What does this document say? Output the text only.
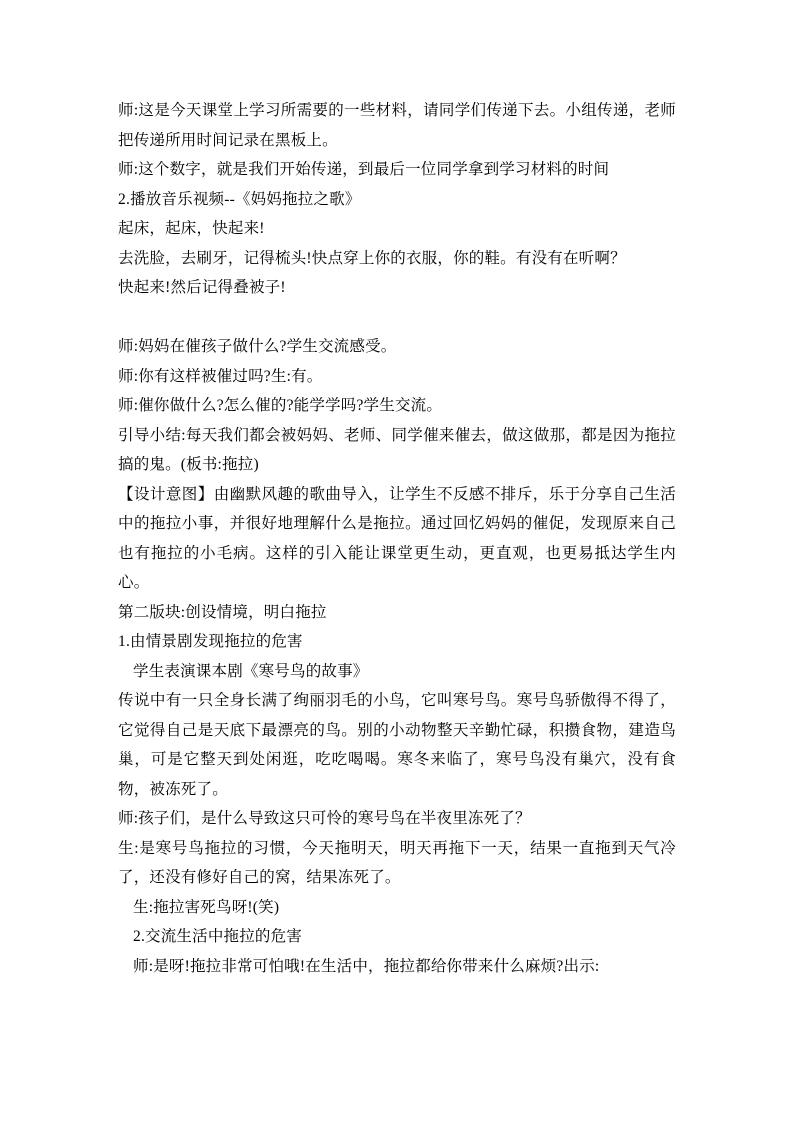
师:这是今天课堂上学习所需要的一些材料，请同学们传递下去。小组传递，老师把传递所用时间记录在黑板上。

师:这个数字，就是我们开始传递，到最后一位同学拿到学习材料的时间

2.播放音乐视频--《妈妈拖拉之歌》

起床，起床，快起来!

去洗脸，去刷牙，记得梳头!快点穿上你的衣服，你的鞋。有没有在听啊？

快起来!然后记得叠被子!

师:妈妈在催孩子做什么?学生交流感受。

师:你有这样被催过吗?生:有。

师:催你做什么?怎么催的?能学学吗?学生交流。

引导小结:每天我们都会被妈妈、老师、同学催来催去，做这做那，都是因为拖拉搞的鬼。(板书:拖拉)

【设计意图】由幽默风趣的歌曲导入，让学生不反感不排斥，乐于分享自己生活中的拖拉小事，并很好地理解什么是拖拉。通过回忆妈妈的催促，发现原来自己也有拖拉的小毛病。这样的引入能让课堂更生动，更直观，也更易抵达学生内心。

第二版块:创设情境，明白拖拉

1.由情景剧发现拖拉的危害

学生表演课本剧《寒号鸟的故事》

传说中有一只全身长满了绚丽羽毛的小鸟，它叫寒号鸟。寒号鸟骄傲得不得了，它觉得自己是天底下最漂亮的鸟。别的小动物整天辛勤忙碌，积攒食物，建造鸟巢，可是它整天到处闲逛，吃吃喝喝。寒冬来临了，寒号鸟没有巢穴，没有食物，被冻死了。

师:孩子们，是什么导致这只可怜的寒号鸟在半夜里冻死了？

生:是寒号鸟拖拉的习惯，今天拖明天，明天再拖下一天，结果一直拖到天气冷了，还没有修好自己的窝，结果冻死了。

生:拖拉害死鸟呀!(笑)

2.交流生活中拖拉的危害

师:是呀!拖拉非常可怕哦!在生活中，拖拉都给你带来什么麻烦?出示:
